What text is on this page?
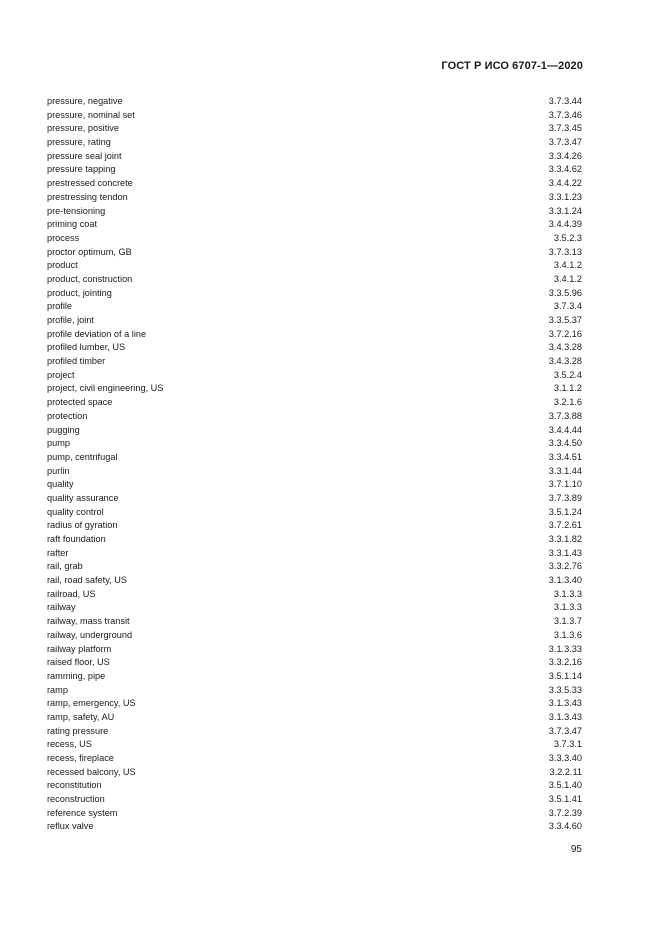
ГОСТ Р ИСО 6707-1—2020
pressure, negative	3.7.3.44
pressure, nominal set	3.7.3.46
pressure, positive	3.7.3.45
pressure, rating	3.7.3.47
pressure seal joint	3.3.4.26
pressure tapping	3.3.4.62
prestressed concrete	3.4.4.22
prestressing tendon	3.3.1.23
pre-tensioning	3.3.1.24
priming coat	3.4.4.39
process	3.5.2.3
proctor optimum, GB	3.7.3.13
product	3.4.1.2
product, construction	3.4.1.2
product, jointing	3.3.5.96
profile	3.7.3.4
profile, joint	3.3.5.37
profile deviation of a line	3.7.2.16
profiled lumber, US	3.4.3.28
profiled timber	3.4.3.28
project	3.5.2.4
project, civil engineering, US	3.1.1.2
protected space	3.2.1.6
protection	3.7.3.88
pugging	3.4.4.44
pump	3.3.4.50
pump, centrifugal	3.3.4.51
purlin	3.3.1.44
quality	3.7.1.10
quality assurance	3.7.3.89
quality control	3.5.1.24
radius of gyration	3.7.2.61
raft foundation	3.3.1.82
rafter	3.3.1.43
rail, grab	3.3.2.76
rail, road safety, US	3.1.3.40
railroad, US	3.1.3.3
railway	3.1.3.3
railway, mass transit	3.1.3.7
railway, underground	3.1.3.6
railway platform	3.1.3.33
raised floor, US	3.3.2.16
ramming, pipe	3.5.1.14
ramp	3.3.5.33
ramp, emergency, US	3.1.3.43
ramp, safety, AU	3.1.3.43
rating pressure	3.7.3.47
recess, US	3.7.3.1
recess, fireplace	3.3.3.40
recessed balcony, US	3.2.2.11
reconstitution	3.5.1.40
reconstruction	3.5.1.41
reference system	3.7.2.39
reflux valve	3.3.4.60
95
